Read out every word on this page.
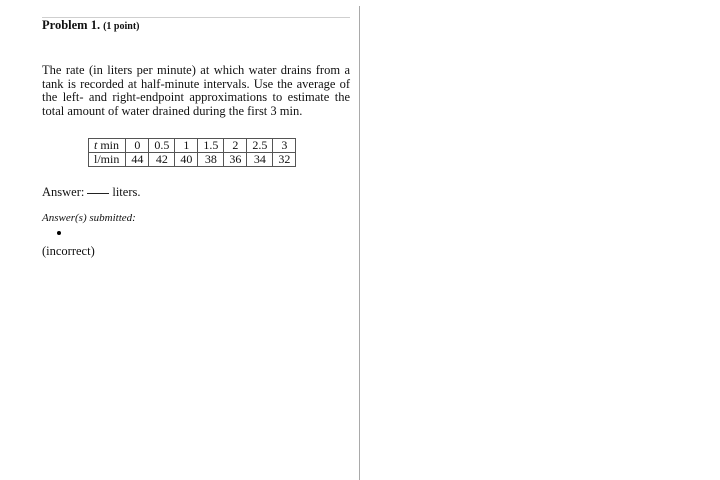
Problem 1. (1 point)
The rate (in liters per minute) at which water drains from a tank is recorded at half-minute intervals. Use the average of the left- and right-endpoint approximations to estimate the total amount of water drained during the first 3 min.
t min	0	0.5	1	1.5	2	2.5	3
l/min	44	42	40	38	36	34	32
Answer: liters.
Answer(s) submitted:
(incorrect)
